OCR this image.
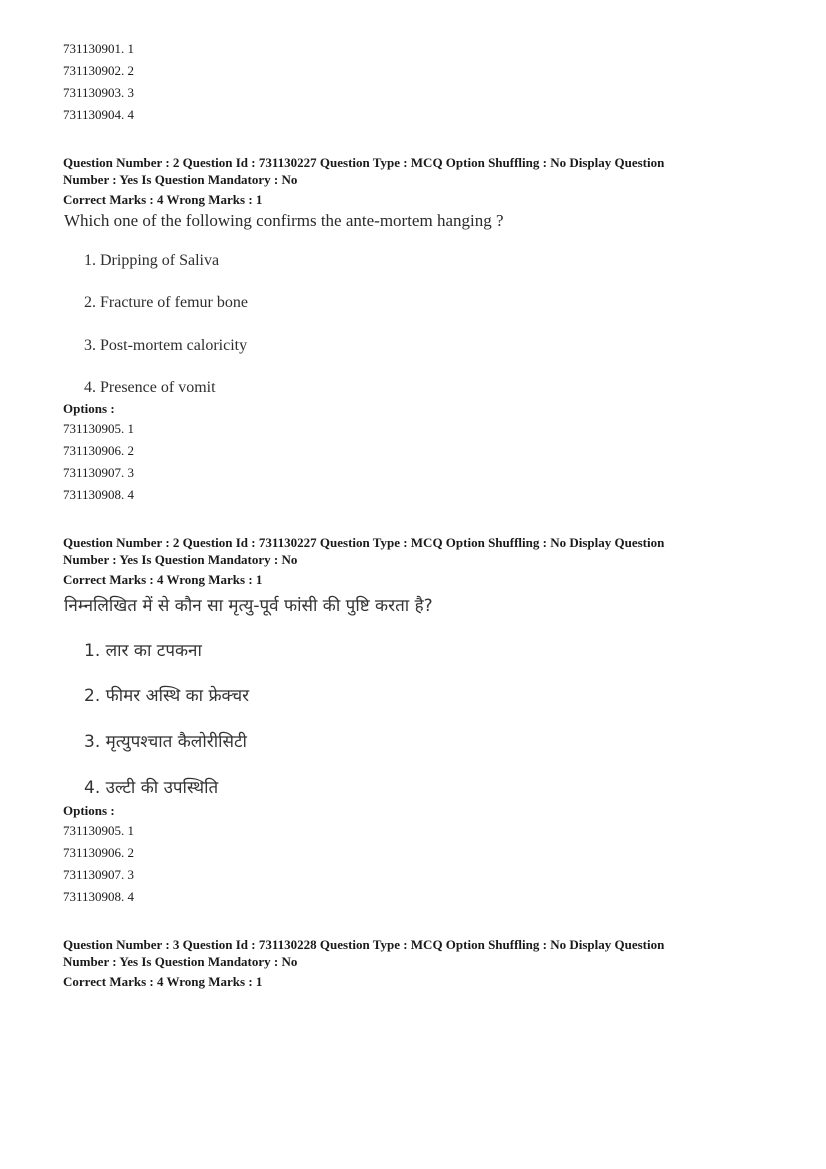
731130901. 1
731130902. 2
731130903. 3
731130904. 4
Question Number : 2 Question Id : 731130227 Question Type : MCQ Option Shuffling : No Display Question
Number : Yes Is Question Mandatory : No
Correct Marks : 4 Wrong Marks : 1
Which one of the following confirms the ante-mortem hanging ?
1. Dripping of Saliva
2. Fracture of femur bone
3. Post-mortem caloricity
4. Presence of vomit
Options :
731130905. 1
731130906. 2
731130907. 3
731130908. 4
Question Number : 2 Question Id : 731130227 Question Type : MCQ Option Shuffling : No Display Question
Number : Yes Is Question Mandatory : No
Correct Marks : 4 Wrong Marks : 1
निम्नलिखित में से कौन सा मृत्यु-पूर्व फांसी की पुष्टि करता है?
1. लार का टपकना
2. फीमर अस्थि का फ्रेक्चर
3. मृत्युपश्चात कैलोरीसिटी
4. उल्टी की उपस्थिति
Options :
731130905. 1
731130906. 2
731130907. 3
731130908. 4
Question Number : 3 Question Id : 731130228 Question Type : MCQ Option Shuffling : No Display Question
Number : Yes Is Question Mandatory : No
Correct Marks : 4 Wrong Marks : 1
